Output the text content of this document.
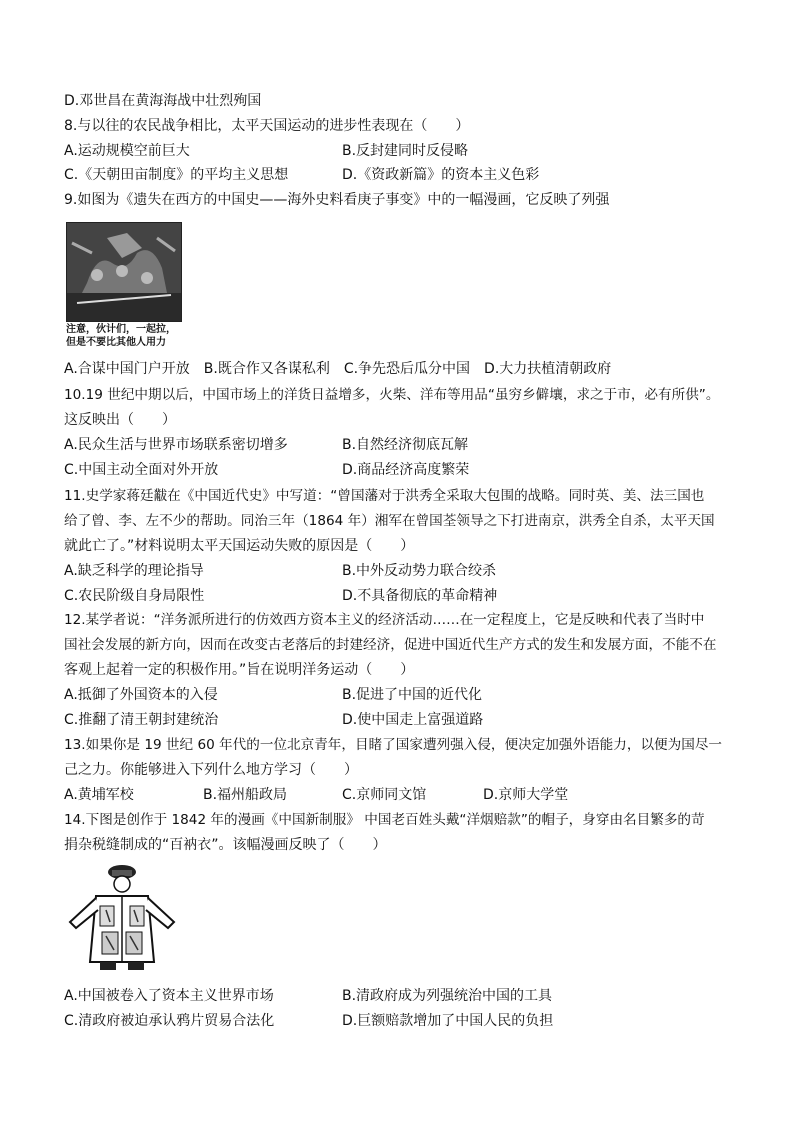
D.邓世昌在黄海海战中壮烈殉国
8.与以往的农民战争相比，太平天国运动的进步性表现在（　　）
A.运动规模空前巨大	B.反封建同时反侵略
C.《天朝田亩制度》的平均主义思想	D.《资政新篇》的资本主义色彩
9.如图为《遗失在西方的中国史——海外史料看庚子事变》中的一幅漫画，它反映了列强
注意，伙计们，一起拉，
但是不要比其他人用力
A.合谋中国门户开放　B.既合作又各谋私利　C.争先恐后瓜分中国　D.大力扶植清朝政府
10.19 世纪中期以后，中国市场上的洋货日益增多，火柴、洋布等用品“虽穷乡僻壤，求之于市，必有所供”。
这反映出（　　）
A.民众生活与世界市场联系密切增多	B.自然经济彻底瓦解
C.中国主动全面对外开放	D.商品经济高度繁荣
11.史学家蒋廷黻在《中国近代史》中写道：“曾国藩对于洪秀全采取大包围的战略。同时英、美、法三国也
给了曾、李、左不少的帮助。同治三年（1864 年）湘军在曾国荃领导之下打进南京，洪秀全自杀，太平天国
就此亡了。”材料说明太平天国运动失败的原因是（　　）
A.缺乏科学的理论指导	B.中外反动势力联合绞杀
C.农民阶级自身局限性	D.不具备彻底的革命精神
12.某学者说：“洋务派所进行的仿效西方资本主义的经济活动……在一定程度上，它是反映和代表了当时中
国社会发展的新方向，因而在改变古老落后的封建经济，促进中国近代生产方式的发生和发展方面，不能不在
客观上起着一定的积极作用。”旨在说明洋务运动（　　）
A.抵御了外国资本的入侵	B.促进了中国的近代化
C.推翻了清王朝封建统治	D.使中国走上富强道路
13.如果你是 19 世纪 60 年代的一位北京青年，目睹了国家遭列强入侵，便决定加强外语能力，以便为国尽一
己之力。你能够进入下列什么地方学习（　　）
A.黄埔军校	B.福州船政局	C.京师同文馆	D.京师大学堂
14.下图是创作于 1842 年的漫画《中国新制服》 中国老百姓头戴“洋烟赔款”的帽子，身穿由名目繁多的苛
捐杂税缝制成的“百衲衣”。该幅漫画反映了（　　）
A.中国被卷入了资本主义世界市场	B.清政府成为列强统治中国的工具
C.清政府被迫承认鸦片贸易合法化	D.巨额赔款增加了中国人民的负担
